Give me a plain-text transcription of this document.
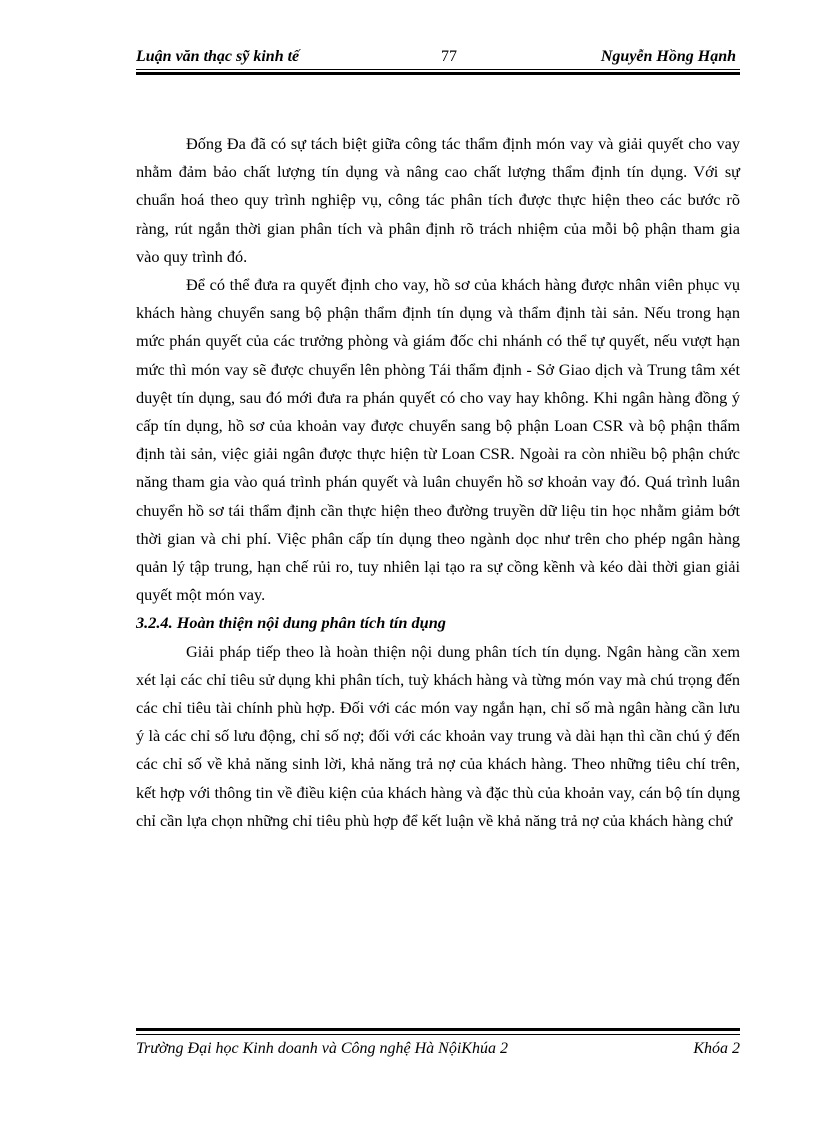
Luận văn thạc sỹ kinh tế	77	Nguyễn Hồng Hạnh

Đống Đa đã có sự tách biệt giữa công tác thẩm định món vay và giải quyết cho vay nhằm đảm bảo chất lượng tín dụng và nâng cao chất lượng thẩm định tín dụng. Với sự chuẩn hoá theo quy trình nghiệp vụ, công tác phân tích được thực hiện theo các bước rõ ràng, rút ngắn thời gian phân tích và phân định rõ trách nhiệm của mỗi bộ phận tham gia vào quy trình đó.

Để có thể đưa ra quyết định cho vay, hồ sơ của khách hàng được nhân viên phục vụ khách hàng chuyển sang bộ phận thẩm định tín dụng và thẩm định tài sản. Nếu trong hạn mức phán quyết của các trưởng phòng và giám đốc chi nhánh có thể tự quyết, nếu vượt hạn mức thì món vay sẽ được chuyển lên phòng Tái thẩm định - Sở Giao dịch và Trung tâm xét duyệt tín dụng, sau đó mới đưa ra phán quyết có cho vay hay không. Khi ngân hàng đồng ý cấp tín dụng, hồ sơ của khoản vay được chuyển sang bộ phận Loan CSR và bộ phận thẩm định tài sản, việc giải ngân được thực hiện từ Loan CSR. Ngoài ra còn nhiều bộ phận chức năng tham gia vào quá trình phán quyết và luân chuyển hồ sơ khoản vay đó. Quá trình luân chuyển hồ sơ tái thẩm định cần thực hiện theo đường truyền dữ liệu tin học nhằm giảm bớt thời gian và chi phí. Việc phân cấp tín dụng theo ngành dọc như trên cho phép ngân hàng quản lý tập trung, hạn chế rủi ro, tuy nhiên lại tạo ra sự cồng kềnh và kéo dài thời gian giải quyết một món vay.

3.2.4. Hoàn thiện nội dung phân tích tín dụng

Giải pháp tiếp theo là hoàn thiện nội dung phân tích tín dụng. Ngân hàng cần xem xét lại các chỉ tiêu sử dụng khi phân tích, tuỳ khách hàng và từng món vay mà chú trọng đến các chỉ tiêu tài chính phù hợp. Đối với các món vay ngắn hạn, chỉ số mà ngân hàng cần lưu ý là các chỉ số lưu động, chỉ số nợ; đối với các khoản vay trung và dài hạn thì cần chú ý đến các chỉ số về khả năng sinh lời, khả năng trả nợ của khách hàng. Theo những tiêu chí trên, kết hợp với thông tin về điều kiện của khách hàng và đặc thù của khoản vay, cán bộ tín dụng chỉ cần lựa chọn những chỉ tiêu phù hợp để kết luận về khả năng trả nợ của khách hàng chứ

Trường Đại học Kinh doanh và Công nghệ Hà NộiKhúa 2	Khóa 2
